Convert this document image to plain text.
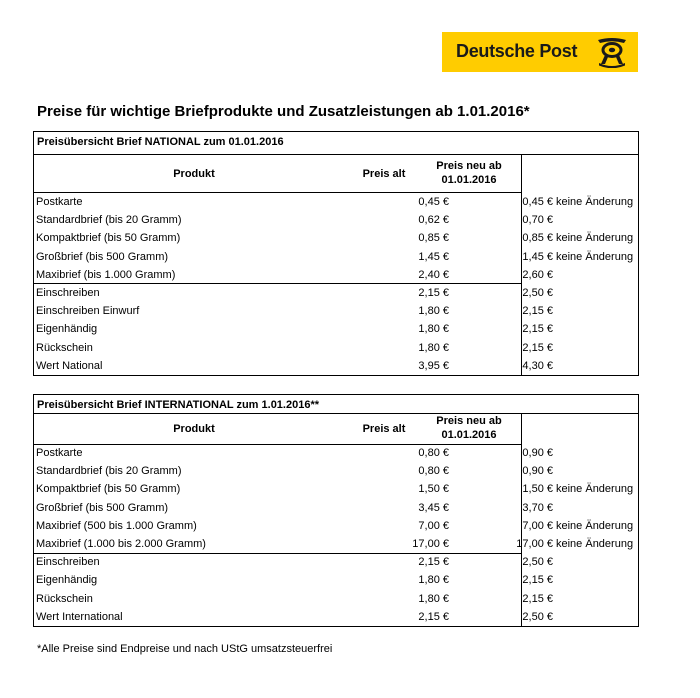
Deutsche Post
Preise für wichtige Briefprodukte und Zusatzleistungen ab 1.01.2016*
Preisübersicht Brief NATIONAL zum 01.01.2016
Produkt	Preis alt
Preis neu ab
01.01.2016
Postkarte	0,45 €	0,45 € keine Änderung
Standardbrief (bis 20 Gramm)	0,62 €	0,70 €
Kompaktbrief (bis 50 Gramm)	0,85 €	0,85 € keine Änderung
Großbrief (bis 500 Gramm)	1,45 €	1,45 € keine Änderung
Maxibrief (bis 1.000 Gramm)	2,40 €	2,60 €
Einschreiben	2,15 €	2,50 €
Einschreiben Einwurf	1,80 €	2,15 €
Eigenhändig	1,80 €	2,15 €
Rückschein	1,80 €	2,15 €
Wert National	3,95 €	4,30 €
Preisübersicht Brief INTERNATIONAL zum 1.01.2016**
Produkt	Preis alt
Preis neu ab
01.01.2016
Postkarte	0,80 €	0,90 €
Standardbrief (bis 20 Gramm)	0,80 €	0,90 €
Kompaktbrief (bis 50 Gramm)	1,50 €	1,50 € keine Änderung
Großbrief (bis 500 Gramm)	3,45 €	3,70 €
Maxibrief (500 bis 1.000 Gramm)	7,00 €	7,00 € keine Änderung
Maxibrief (1.000 bis 2.000 Gramm)	17,00 €	17,00 € keine Änderung
Einschreiben	2,15 €	2,50 €
Eigenhändig	1,80 €	2,15 €
Rückschein	1,80 €	2,15 €
Wert International	2,15 €	2,50 €
*Alle Preise sind Endpreise und nach UStG umsatzsteuerfrei
